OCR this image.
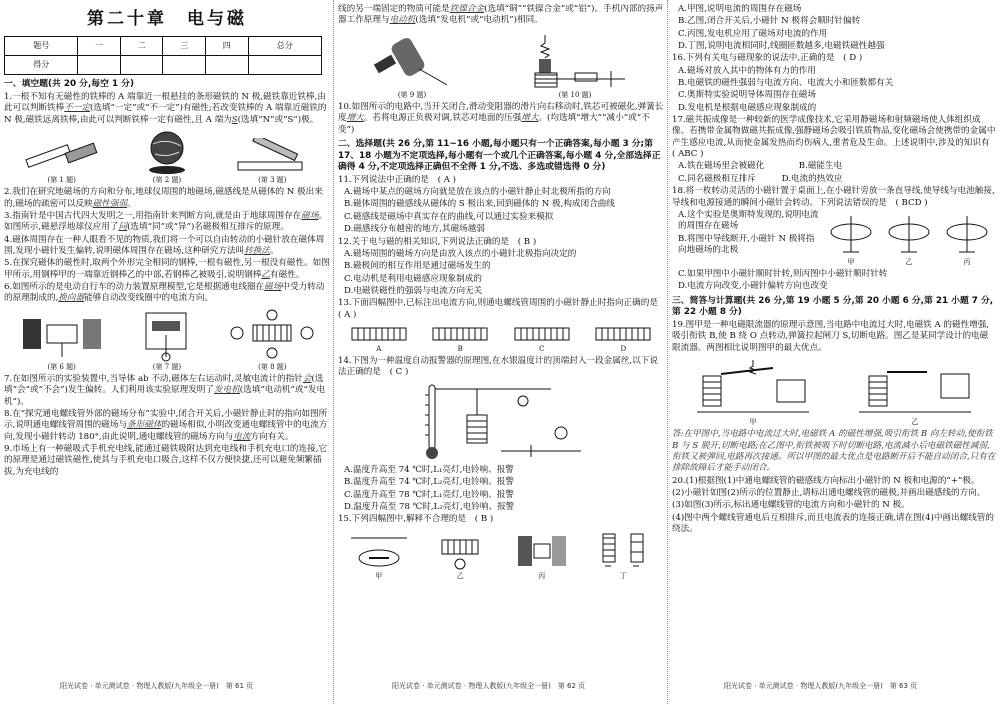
第二十章　电与磁
题号	一	二	三	四	总分
得分					
一、填空题(共 20 分,每空 1 分)

1.一根不知有无磁性的铁棒的 A 端靠近一根悬挂的条形磁铁的 N 极,磁铁靠近铁棒,由此可以判断铁棒不一定(选填“一定”或“不一定”)有磁性;若改变铁棒的 A 端靠近磁铁的 N 极,磁铁远离铁棒,由此可以判断铁棒一定有磁性,且 A 端为S(选填“N”或“S”)极。

(第 1 题)	(第 2 题)	(第 3 题)

2.我们在研究地磁场的方向和分布,地球仪周围的地磁场,磁感线是从磁体的 N 极出来的,磁场的疏密可以反映磁性强弱。

3.指南针是中国古代四大发明之一,用指南针来判断方向,就是由于地球周围存在磁场。如图所示,磁悬浮地球仪应用了同(选填“同”或“异”)名磁极相互排斥的原理。

4.磁体周围存在一种人眼看不见的物质,我们将一个可以自由转动的小磁针放在磁体周围,发现小磁针发生偏转,说明磁体周围存在磁场,这种研究方法叫转换法。

5.在探究磁体的磁性时,取两个外形完全相同的钢棒,一根有磁性,另一根没有磁性。如图甲所示,用钢棒甲的一端靠近钢棒乙的中部,若钢棒乙被吸引,说明钢棒乙有磁性。

6.如图所示的是电动自行车的动力装置原理模型,它是根据通电线圈在磁场中受力转动的原理制成的,换向器能够自动改变线圈中的电流方向。

(第 6 题)	(第 7 题)	(第 8 题)

7.在如图所示的实验装置中,当导体 ab 不动,磁体左右运动时,灵敏电流计的指针会(选填“会”或“不会”)发生偏转。人们利用该实验原理发明了发电机(选填“电动机”或“发电机”)。

8.在“探究通电螺线管外部的磁场分布”实验中,闭合开关后,小磁针静止时的指向如图所示,说明通电螺线管周围的磁场与条形磁体的磁场相似,小明改变通电螺线管中的电流方向,发现小磁针转动 180°,由此说明,通电螺线管的磁场方向与电流方向有关。

9.市场上有一种磁吸式手机充电线,能通过磁铁吸附达到充电线和手机充电口的连接,它的原理是通过磁铁磁性,使其与手机充电口吸合,这样不仅方便快捷,还可以避免频繁插拔,为充电线的

阳光试卷 · 单元测试卷 · 物理人教版(九年级全一册)　第 61 页

线的另一端固定的物质可能是铁镍合金(选填“铜”“铁镍合金”或“铝”)。手机內部的扬声器工作原理与电动机(选填“发电机”或“电动机”)相同。

(第 9 题)	(第 10 题)

10.如图所示的电路中,当开关闭合,滑动变阻器的滑片向右移动时,铁芯可被磁化,弹簧长度增大。若将电源正负极对调,铁芯对地面的压强增大。(均选填“增大”“减小”或“不变”)

二、选择题(共 26 分,第 11~16 小题,每小题只有一个正确答案,每小题 3 分;第 17、18 小题为不定项选择,每小题有一个或几个正确答案,每小题 4 分,全部选择正确得 4 分,不定项选择正确但不全得 1 分,不选、多选或错选得 0 分)

11.下列说法中正确的是　 ( A )

A.磁场中某点的磁场方向就是放在该点的小磁针静止时北极所指的方向

B.磁体周围的磁感线从磁体的 S 极出来,回到磁体的 N 极,构成闭合曲线

C.磁感线是磁场中真实存在的曲线,可以通过实验来模拟

D.磁感线分布越密的地方,其磁场越弱

12.关于电与磁的相关知识,下列说法正确的是　 ( B )

A.磁场周围的磁场方向是由放入该点的小磁针北极指向决定的

B.磁极间的相互作用是通过磁场发生的

C.电动机是利用电磁感应现象制成的

D.电磁铁磁性的强弱与电流方向无关

13.下面四幅图中,已标注出电流方向,则通电螺线管周围的小磁针静止时指向正确的是　( A )

A	B	C	D

14.下图为一种温度自动报警器的原理图,在水银温度计的顶端封入一段金属丝,以下说法正确的是　 ( C )

A.温度升高至 74 ℃时,L₁亮灯,电铃响、报警

B.温度升高至 74 ℃时,L₂亮灯,电铃响、报警

C.温度升高至 78 ℃时,L₁亮灯,电铃响、报警

D.温度升高至 78 ℃时,L₂亮灯,电铃响、报警

15.下列四幅图中,解释不合理的是　 ( B )

甲	乙	丙	丁
阳光试卷 · 单元测试卷 · 物理人教版(九年级全一册)　第 62 页

A.甲图,说明电流的周围存在磁场

B.乙图,闭合开关后,小磁针 N 极将会顺时针偏转

C.丙图,发电机应用了磁场对电流的作用

D.丁图,说明电流相同时,线圈匝数越多,电磁铁磁性越强

16.下列有关电与磁现象的说法中,正确的是　 ( D )

A.磁场对放入其中的物体有力的作用

B.电磁铁的磁性强弱与电流方向、电流大小和匝数都有关

C.奥斯特实验说明导体周围存在磁场

D.发电机是根据电磁感应现象制成的

17.磁共振成像是一种较新的医学成像技术,它采用静磁场和射频磁场使人体组织成像。若携带金属物做磁共振成像,强静磁场会吸引铁质物品,变化磁场会使携带的金属中产生感应电流,从而使金属发热而灼伤病人,重者危及生命。上述说明中,涉及的知识有　( ABC )

A.铁在磁场里会被磁化　　　　	B.磁能生电

C.同名磁极相互排斥　　　	D.电流的热效应

18.将一枚转动灵活的小磁针置于桌面上,在小磁针旁放一条直导线,使导线与电池触接,导线和电源接通的瞬间小磁针会转动。下列说法错误的是　 ( BCD )

A.这个实验是奥斯特发现的,说明电流的周围存在磁场

B.将图中导线断开,小磁针 N 极将指向地磁场的北极

甲	乙	丙

C.如果甲图中小磁针顺时针转,则丙图中小磁针顺时针转

D.电流方向改变,小磁针偏转方向也改变

三、简答与计算题(共 26 分,第 19 小题 5 分,第 20 小题 6 分,第 21 小题 7 分,第 22 小题 8 分)

19.图甲是一种电磁限流器的原理示意图,当电路中电流过大时,电磁铁 A 的磁性增强,吸引衔铁 B,使 B 绕 O 点转动,弹簧拉起闸刀 S,切断电路。图乙是某同学设计的电磁限流器。两图相比说明图甲的最大优点。

甲	乙

答:在甲图中,当电路中电流过大时,电磁铁 A 的磁性增强,吸引衔铁 B 向左转动,使衔铁 B 与 S 脱开,切断电路;在乙图中,衔铁被吸下时切断电路,电流减小后电磁铁磁性减弱,衔铁又被弹回,电路再次接通。所以甲图的最大优点是电路断开后不能自动闭合,只有在排除故障后才能手动闭合。

20.(1)根据图(1)中通电螺线管的磁感线方向标出小磁针的 N 极和电源的“+”极。

(2)小磁针如图(2)所示的位置静止,请标出通电螺线管的磁极,并画出磁感线的方向。

(3)如图(3)所示,标出通电螺线管的电流方向和小磁针的 N 极。

(4)图中两个螺线管通电后互相排斥,而且电流表的连接正确,请在图(4)中画出螺线管的绕法。

阳光试卷 · 单元测试卷 · 物理人教版(九年级全一册)　第 63 页
